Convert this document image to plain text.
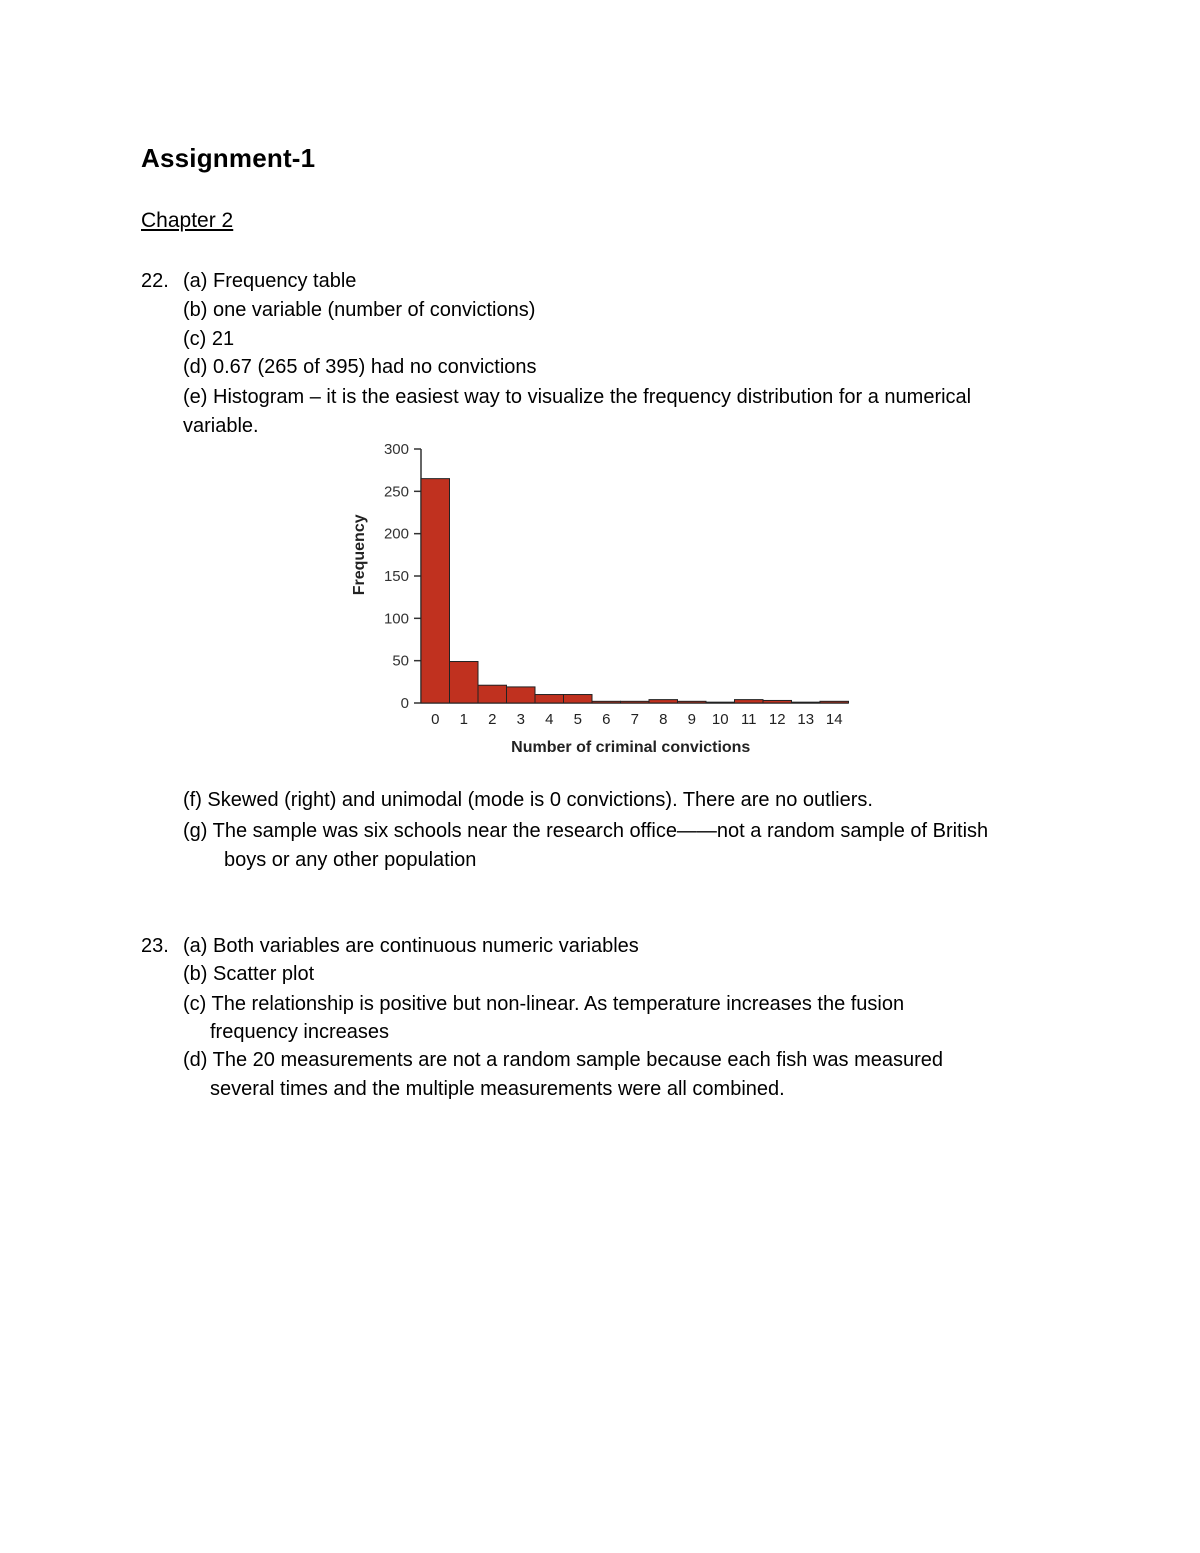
Assignment-1
Chapter 2
22. (a) Frequency table
(b) one variable (number of convictions)
(c) 21
(d) 0.67 (265 of 395) had no convictions
(e) Histogram – it is the easiest way to visualize the frequency distribution for a numerical
variable.
0
50
100
150
200
250
300
0 1 2 3 4 5 6 7 8 9 10 11 12 13 14
Number of criminal convictions
Frequency
(f) Skewed (right) and unimodal (mode is 0 convictions). There are no outliers.
(g) The sample was six schools near the research office——not a random sample of British
boys or any other population
23. (a) Both variables are continuous numeric variables
(b) Scatter plot
(c) The relationship is positive but non-linear. As temperature increases the fusion
frequency increases
(d) The 20 measurements are not a random sample because each fish was measured
several times and the multiple measurements were all combined.
